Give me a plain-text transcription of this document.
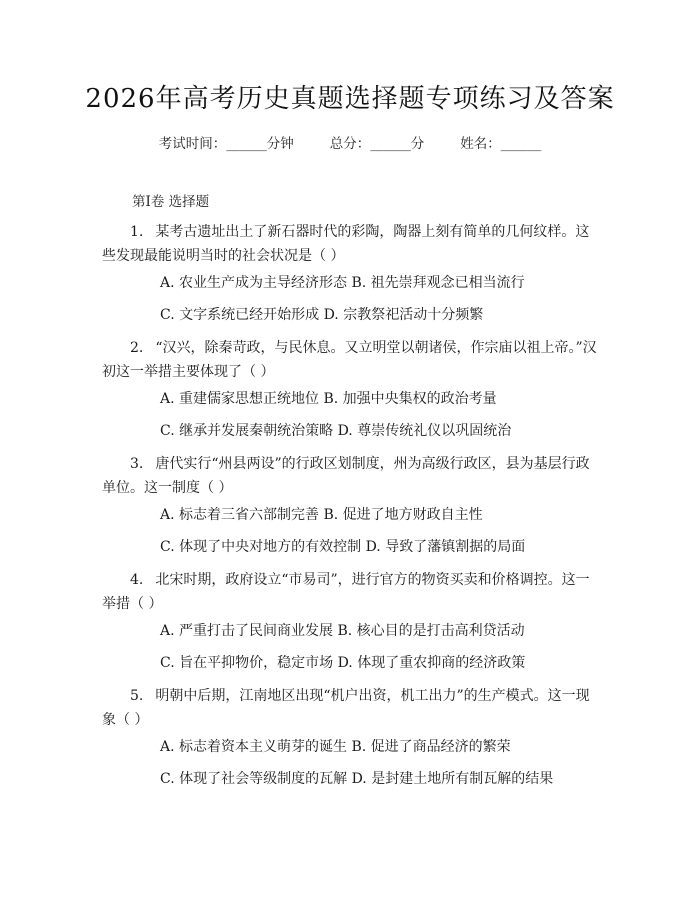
2026年高考历史真题选择题专项练习及答案
考试时间：______分钟	总分：______分	姓名：______
第Ⅰ卷 选择题
1. 某考古遗址出土了新石器时代的彩陶，陶器上刻有简单的几何纹样。这些发现最能说明当时的社会状况是（ ）
A. 农业生产成为主导经济形态 B. 祖先崇拜观念已相当流行
C. 文字系统已经开始形成 D. 宗教祭祀活动十分频繁
2. “汉兴，除秦苛政，与民休息。又立明堂以朝诸侯，作宗庙以祖上帝。”汉初这一举措主要体现了（ ）
A. 重建儒家思想正统地位 B. 加强中央集权的政治考量
C. 继承并发展秦朝统治策略 D. 尊崇传统礼仪以巩固统治
3. 唐代实行“州县两设”的行政区划制度，州为高级行政区，县为基层行政单位。这一制度（ ）
A. 标志着三省六部制完善 B. 促进了地方财政自主性
C. 体现了中央对地方的有效控制 D. 导致了藩镇割据的局面
4. 北宋时期，政府设立“市易司”，进行官方的物资买卖和价格调控。这一举措（ ）
A. 严重打击了民间商业发展 B. 核心目的是打击高利贷活动
C. 旨在平抑物价，稳定市场 D. 体现了重农抑商的经济政策
5. 明朝中后期，江南地区出现“机户出资，机工出力”的生产模式。这一现象（ ）
A. 标志着资本主义萌芽的诞生 B. 促进了商品经济的繁荣
C. 体现了社会等级制度的瓦解 D. 是封建土地所有制瓦解的结果
